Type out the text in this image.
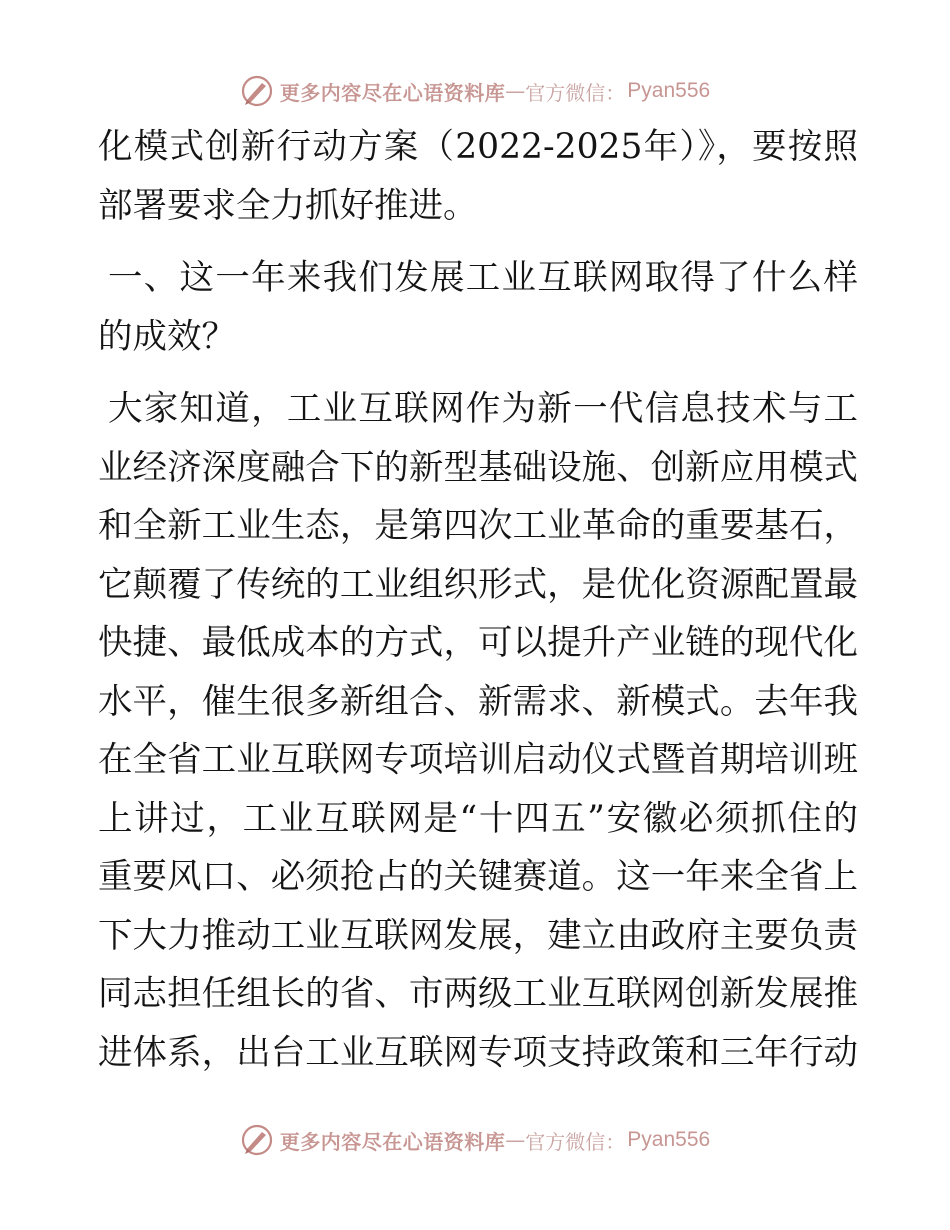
更多内容尽在心语资料库 — 官方微信： Pyan556
化模式创新行动方案（2022-2025年）》，要按照
部署要求全力抓好推进。
一、这一年来我们发展工业互联网取得了什么样
的成效？
大家知道，工业互联网作为新一代信息技术与工
业经济深度融合下的新型基础设施、创新应用模式
和全新工业生态，是第四次工业革命的重要基石，
它颠覆了传统的工业组织形式，是优化资源配置最
快捷、最低成本的方式，可以提升产业链的现代化
水平，催生很多新组合、新需求、新模式。去年我
在全省工业互联网专项培训启动仪式暨首期培训班
上讲过，工业互联网是“十四五”安徽必须抓住的
重要风口、必须抢占的关键赛道。这一年来全省上
下大力推动工业互联网发展，建立由政府主要负责
同志担任组长的省、市两级工业互联网创新发展推
进体系，出台工业互联网专项支持政策和三年行动
更多内容尽在心语资料库 — 官方微信： Pyan556
